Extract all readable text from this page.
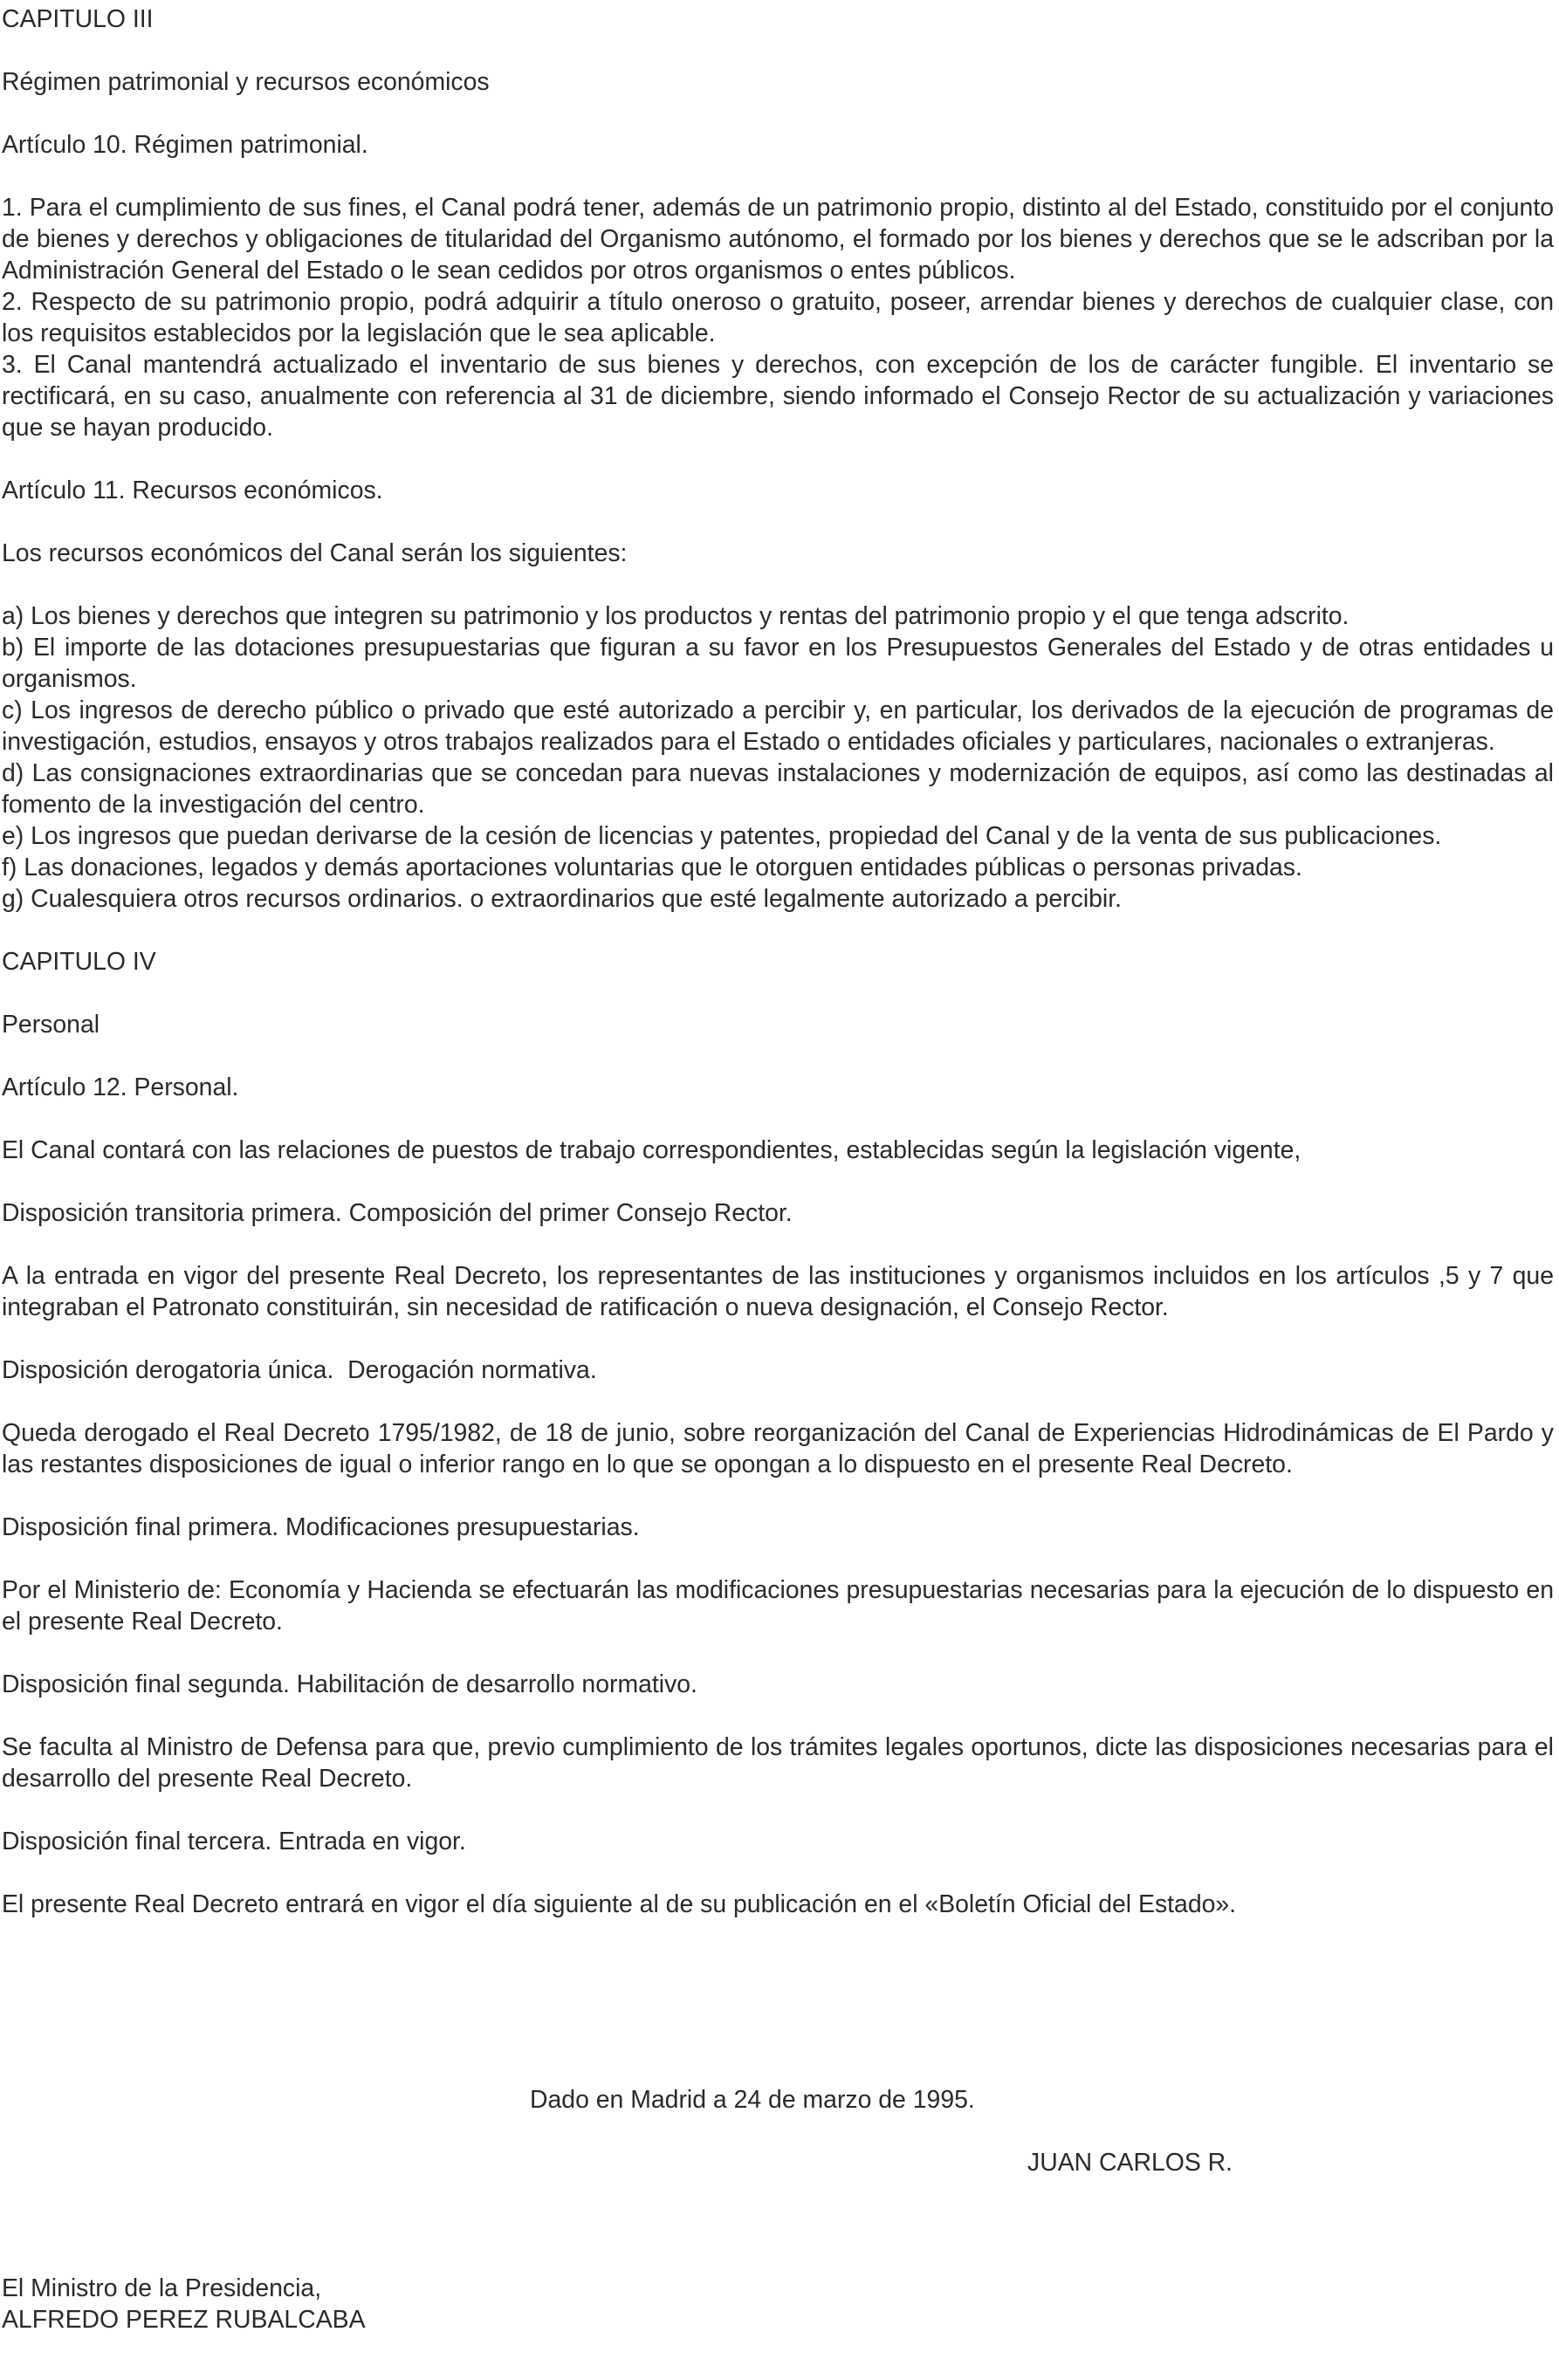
CAPITULO III
Régimen patrimonial y recursos económicos
Artículo 10. Régimen patrimonial.
1. Para el cumplimiento de sus fines, el Canal podrá tener, además de un patrimonio propio, distinto al del Estado, constituido por el conjunto de bienes y derechos y obligaciones de titularidad del Organismo autónomo, el formado por los bienes y derechos que se le adscriban por la Administración General del Estado o le sean cedidos por otros organismos o entes públicos.
2. Respecto de su patrimonio propio, podrá adquirir a título oneroso o gratuito, poseer, arrendar bienes y derechos de cualquier clase, con los requisitos establecidos por la legislación que le sea aplicable.
3. El Canal mantendrá actualizado el inventario de sus bienes y derechos, con excepción de los de carácter fungible. El inventario se rectificará, en su caso, anualmente con referencia al 31 de diciembre, siendo informado el Consejo Rector de su actualización y variaciones que se hayan producido.
Artículo 11. Recursos económicos.
Los recursos económicos del Canal serán los siguientes:
a) Los bienes y derechos que integren su patrimonio y los productos y rentas del patrimonio propio y el que tenga adscrito.
b) El importe de las dotaciones presupuestarias que figuran a su favor en los Presupuestos Generales del Estado y de otras entidades u organismos.
c) Los ingresos de derecho público o privado que esté autorizado a percibir y, en particular, los derivados de la ejecución de programas de investigación, estudios, ensayos y otros trabajos realizados para el Estado o entidades oficiales y particulares, nacionales o extranjeras.
d) Las consignaciones extraordinarias que se concedan para nuevas instalaciones y modernización de equipos, así como las destinadas al fomento de la investigación del centro.
e) Los ingresos que puedan derivarse de la cesión de licencias y patentes, propiedad del Canal y de la venta de sus publicaciones.
f) Las donaciones, legados y demás aportaciones voluntarias que le otorguen entidades públicas o personas privadas.
g) Cualesquiera otros recursos ordinarios. o extraordinarios que esté legalmente autorizado a percibir.
CAPITULO IV
Personal
Artículo 12. Personal.
El Canal contará con las relaciones de puestos de trabajo correspondientes, establecidas según la legislación vigente,
Disposición transitoria primera. Composición del primer Consejo Rector.
A la entrada en vigor del presente Real Decreto, los representantes de las instituciones y organismos incluidos en los artículos ,5 y 7 que integraban el Patronato constituirán, sin necesidad de ratificación o nueva designación, el Consejo Rector.
Disposición derogatoria única.  Derogación normativa.
Queda derogado el Real Decreto 1795/1982, de 18 de junio, sobre reorganización del Canal de Experiencias Hidrodinámicas de El Pardo y las restantes disposiciones de igual o inferior rango en lo que se opongan a lo dispuesto en el presente Real Decreto.
Disposición final primera. Modificaciones presupuestarias.
Por el Ministerio de: Economía y Hacienda se efectuarán las modificaciones presupuestarias necesarias para la ejecución de lo dispuesto en el presente Real Decreto.
Disposición final segunda. Habilitación de desarrollo normativo.
Se faculta al Ministro de Defensa para que, previo cumplimiento de los trámites legales oportunos, dicte las disposiciones necesarias para el desarrollo del presente Real Decreto.
Disposición final tercera. Entrada en vigor.
El presente Real Decreto entrará en vigor el día siguiente al de su publicación en el «Boletín Oficial del Estado».
Dado en Madrid a 24 de marzo de 1995.
JUAN CARLOS R.
El Ministro de la Presidencia,
ALFREDO PEREZ RUBALCABA
